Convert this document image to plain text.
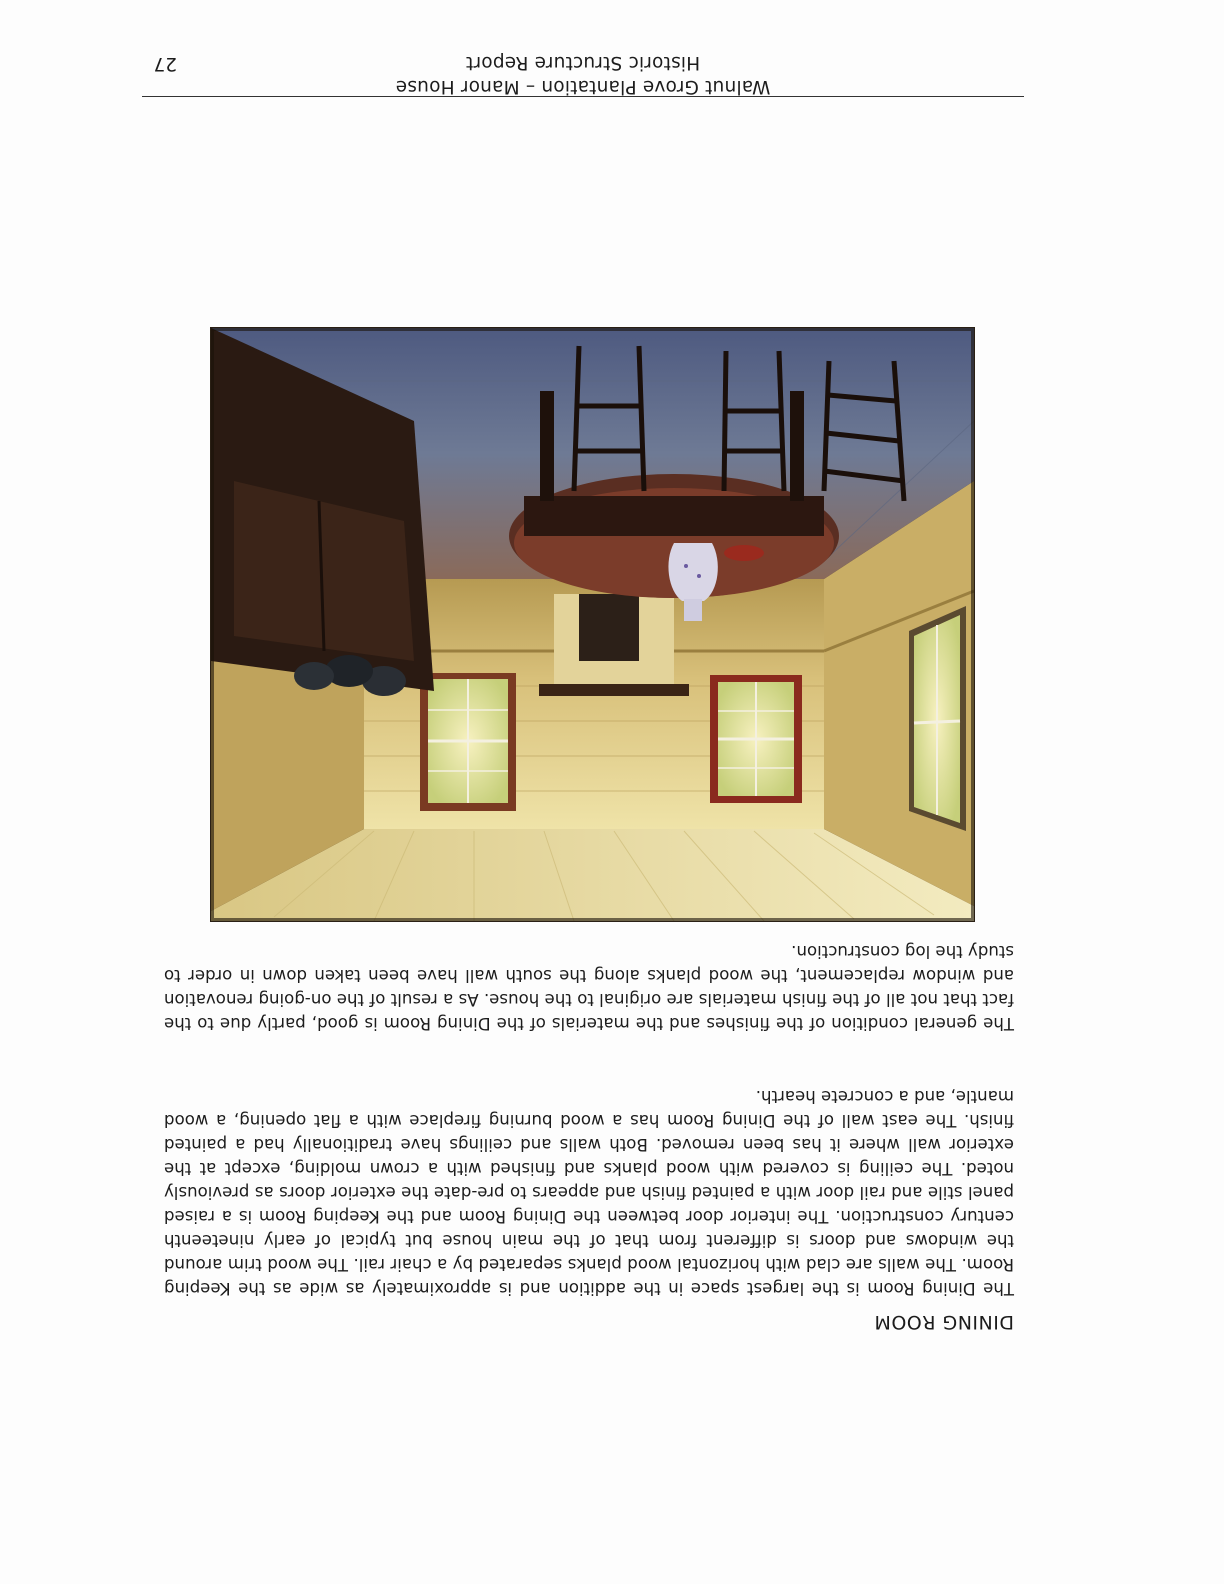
Walnut Grove Plantation – Manor House
Historic Structure Report
27
DINING ROOM

The Dining Room is the largest space in the addition and is approximately as wide as the Keeping Room. The walls are clad with horizontal wood planks separated by a chair rail. The wood trim around the windows and doors is different from that of the main house but typical of early nineteenth century construction. The interior door between the Dining Room and the Keeping Room is a raised panel stile and rail door with a painted finish and appears to pre-date the exterior doors as previously noted. The ceiling is covered with wood planks and finished with a crown molding, except at the exterior wall where it has been removed. Both walls and ceilings have traditionally had a painted finish. The east wall of the Dining Room has a wood burning fireplace with a flat opening, a wood mantle, and a concrete hearth.

The general condition of the finishes and the materials of the Dining Room is good, partly due to the fact that not all of the finish materials are original to the house. As a result of the on-going renovation and window replacement, the wood planks along the south wall have been taken down in order to study the log construction.
